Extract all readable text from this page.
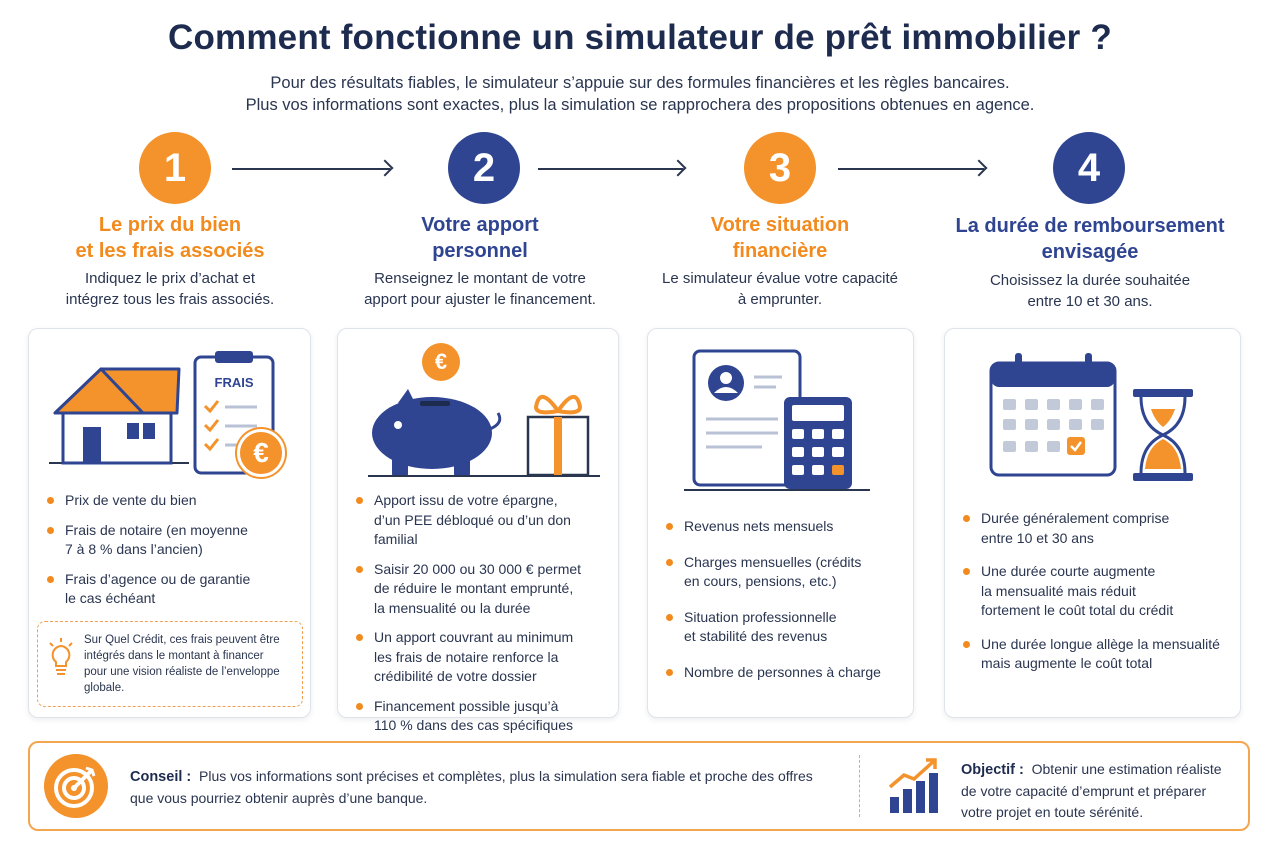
Comment fonctionne un simulateur de prêt immobilier ?
Pour des résultats fiables, le simulateur s’appuie sur des formules financières et les règles bancaires.
Plus vos informations sont exactes, plus la simulation se rapprochera des propositions obtenues en agence.
1	2	3	4
Le prix du bien
et les frais associés
Votre apport
personnel
Votre situation
financière
La durée de remboursement
envisagée
Indiquez le prix d’achat et
intégrez tous les frais associés.
Renseignez le montant de votre
apport pour ajuster le financement.
Le simulateur évalue votre capacité
à emprunter.
Choisissez la durée souhaitée
entre 10 et 30 ans.
FRAIS
€
Prix de vente du bien
Frais de notaire (en moyenne
7 à 8 % dans l’ancien)
Frais d’agence ou de garantie
le cas échéant
Sur Quel Crédit, ces frais peuvent être
intégrés dans le montant à financer
pour une vision réaliste de l’enveloppe
globale.
€
Apport issu de votre épargne,
d’un PEE débloqué ou d’un don
familial
Saisir 20 000 ou 30 000 € permet
de réduire le montant emprunté,
la mensualité ou la durée
Un apport couvrant au minimum
les frais de notaire renforce la
crédibilité de votre dossier
Financement possible jusqu’à
110 % dans des cas spécifiques
Revenus nets mensuels
Charges mensuelles (crédits
en cours, pensions, etc.)
Situation professionnelle
et stabilité des revenus
Nombre de personnes à charge
Durée généralement comprise
entre 10 et 30 ans
Une durée courte augmente
la mensualité mais réduit
fortement le coût total du crédit
Une durée longue allège la mensualité
mais augmente le coût total
Conseil : Plus vos informations sont précises et complètes, plus la simulation sera fiable et proche des offres
que vous pourriez obtenir auprès d’une banque.
Objectif : Obtenir une estimation réaliste
de votre capacité d’emprunt et préparer
votre projet en toute sérénité.
